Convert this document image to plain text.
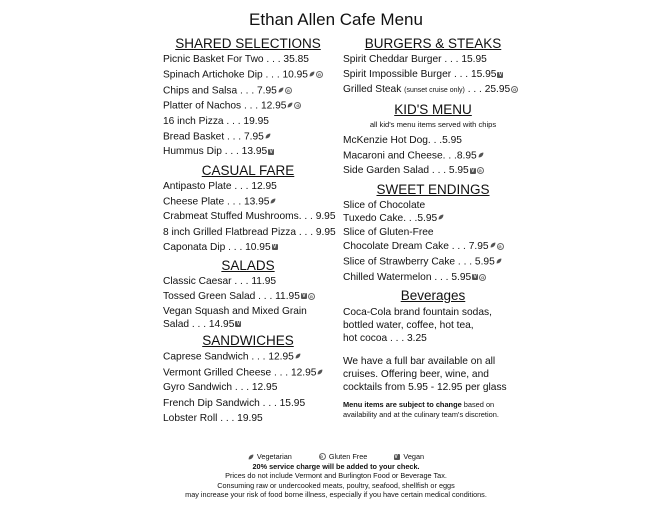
Ethan Allen Cafe Menu
SHARED SELECTIONS
Picnic Basket For Two . . . 35.85
Spinach Artichoke Dip . . . 10.95 G
Chips and Salsa . . . 7.95 G
Platter of Nachos . . . 12.95 G
16 inch Pizza . . . 19.95
Bread Basket . . . 7.95
Hummus Dip . . . 13.95 V
CASUAL FARE
Antipasto Plate . . . 12.95
Cheese Plate . . . 13.95
Crabmeat Stuffed Mushrooms. . . 9.95
8 inch Grilled Flatbread Pizza . . . 9.95
Caponata Dip . . . 10.95 V
SALADS
Classic Caesar . . . 11.95
Tossed Green Salad . . . 11.95 V G
Vegan Squash and Mixed Grain
Salad . . . 14.95 V
SANDWICHES
Caprese Sandwich . . . 12.95
Vermont Grilled Cheese . . . 12.95
Gyro Sandwich . . . 12.95
French Dip Sandwich . . . 15.95
Lobster Roll . . . 19.95
BURGERS & STEAKS
Spirit Cheddar Burger . . . 15.95
Spirit Impossible Burger . . . 15.95 V
Grilled Steak (sunset cruise only) . . . 25.95 G
KID'S MENU
all kid's menu items served with chips
McKenzie Hot Dog. . .5.95
Macaroni and Cheese. . .8.95
Side Garden Salad . . . 5.95 V G
SWEET ENDINGS
Slice of Chocolate
Tuxedo Cake. . .5.95
Slice of Gluten-Free
Chocolate Dream Cake . . . 7.95 G
Slice of Strawberry Cake . . . 5.95
Chilled Watermelon . . . 5.95 V G
Beverages
Coca-Cola brand fountain sodas,
bottled water, coffee, hot tea,
hot cocoa . . . 3.25
We have a full bar available on all
cruises. Offering beer, wine, and
cocktails from 5.95 - 12.95 per glass
Menu items are subject to change based on
availability and at the culinary team's discretion.
Vegetarian	G Gluten Free	V Vegan
20% service charge will be added to your check.
Prices do not include Vermont and Burlington Food or Beverage Tax.
Consuming raw or undercooked meats, poultry, seafood, shellfish or eggs
may increase your risk of food borne illness, especially if you have certain medical conditions.
